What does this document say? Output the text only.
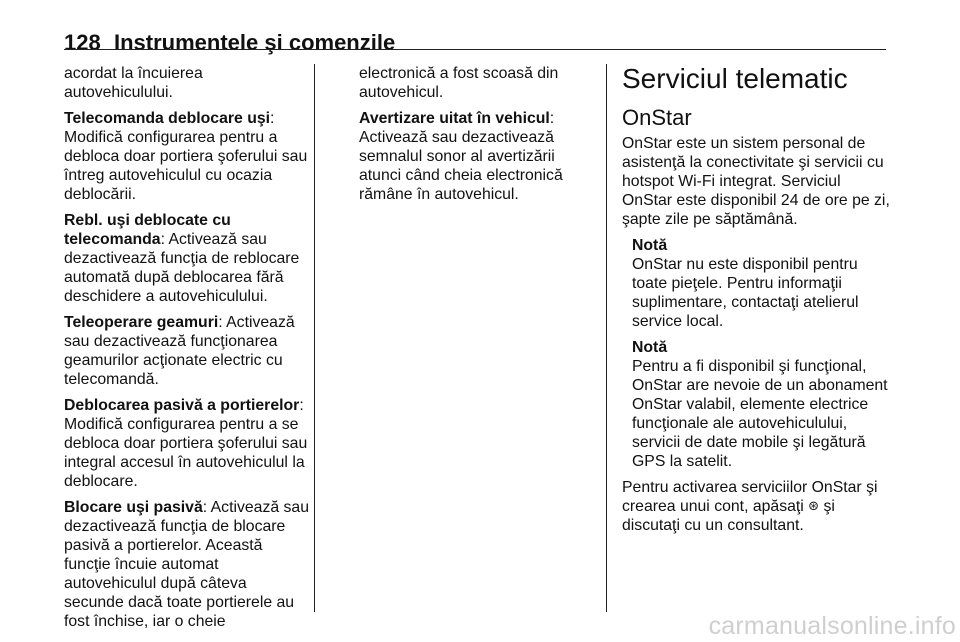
128 Instrumentele şi comenzile

acordat la încuierea autovehiculului.

Telecomanda deblocare uşi: Modifică configurarea pentru a debloca doar portiera şoferului sau întreg autovehiculul cu ocazia deblocării.

Rebl. uşi deblocate cu telecomanda: Activează sau dezactivează funcţia de reblocare automată după deblocarea fără deschidere a autovehiculului.

Teleoperare geamuri: Activează sau dezactivează funcţionarea geamurilor acţionate electric cu telecomandă.

Deblocarea pasivă a portierelor: Modifică configurarea pentru a se debloca doar portiera şoferului sau integral accesul în autovehiculul la deblocare.

Blocare uşi pasivă: Activează sau dezactivează funcţia de blocare pasivă a portierelor. Această funcţie încuie automat autovehiculul după câteva secunde dacă toate portierele au fost închise, iar o cheie

electronică a fost scoasă din autovehicul.

Avertizare uitat în vehicul: Activează sau dezactivează semnalul sonor al avertizării atunci când cheia electronică rămâne în autovehicul.

Serviciul telematic
OnStar

OnStar este un sistem personal de asistenţă la conectivitate şi servicii cu hotspot Wi-Fi integrat. Serviciul OnStar este disponibil 24 de ore pe zi, şapte zile pe săptămână.

Notă
OnStar nu este disponibil pentru toate pieţele. Pentru informaţii suplimentare, contactaţi atelierul service local.

Notă
Pentru a fi disponibil şi funcţional, OnStar are nevoie de un abonament OnStar valabil, elemente electrice funcţionale ale autovehiculului, servicii de date mobile şi legătură GPS la satelit.

Pentru activarea serviciilor OnStar şi crearea unui cont, apăsaţi ⊛ şi discutaţi cu un consultant.

carmanualsonline.info
